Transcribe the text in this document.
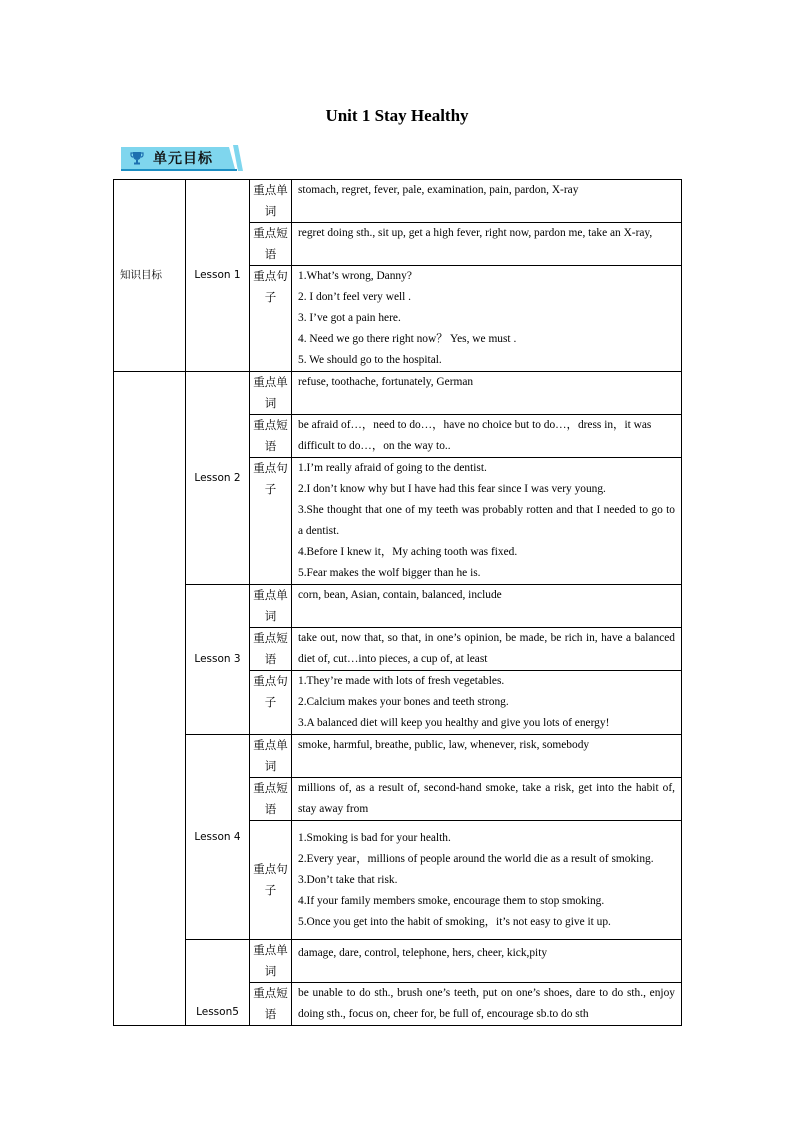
Unit 1 Stay Healthy
单元目标
知识目标	Lesson 1	重点单词	stomach, regret, fever, pale, examination, pain, pardon, X-ray
		重点短语	regret doing sth., sit up, get a high fever, right now, pardon me, take an X-ray,
		重点句子	1.What’s wrong, Danny?
2. I don’t feel very well .
3. I’ve got a pain here.
4. Need we go there right now？ Yes, we must .
5. We should go to the hospital.

	Lesson 2	重点单词	refuse, toothache, fortunately, German
		重点短语	be afraid of…，need to do…，have no choice but to do…，dress in，it was difficult to do…，on the way to..
		重点句子	1.I’m really afraid of going to the dentist.
2.I don’t know why but I have had this fear since I was very young.
3.She thought that one of my teeth was probably rotten and that I needed to go to a dentist.
4.Before I knew it，My aching tooth was fixed.
5.Fear makes the wolf bigger than he is.

	Lesson 3	重点单词	corn, bean, Asian, contain, balanced, include
		重点短语	take out, now that, so that, in one’s opinion, be made, be rich in, have a balanced diet of, cut…into pieces, a cup of, at least
		重点句子	1.They’re made with lots of fresh vegetables.
2.Calcium makes your bones and teeth strong.
3.A balanced diet will keep you healthy and give you lots of energy!

	Lesson 4	重点单词	smoke, harmful, breathe, public, law, whenever, risk, somebody
		重点短语	millions of, as a result of, second-hand smoke, take a risk, get into the habit of, stay away from
		重点句子	1.Smoking is bad for your health.
2.Every year，millions of people around the world die as a result of smoking.
3.Don’t take that risk.
4.If your family members smoke, encourage them to stop smoking.
5.Once you get into the habit of smoking，it’s not easy to give it up.

	Lesson5	重点单词	damage, dare, control, telephone, hers, cheer, kick,pity
		重点短语	be unable to do sth., brush one’s teeth, put on one’s shoes, dare to do sth., enjoy doing sth., focus on, cheer for, be full of, encourage sb.to do sth
